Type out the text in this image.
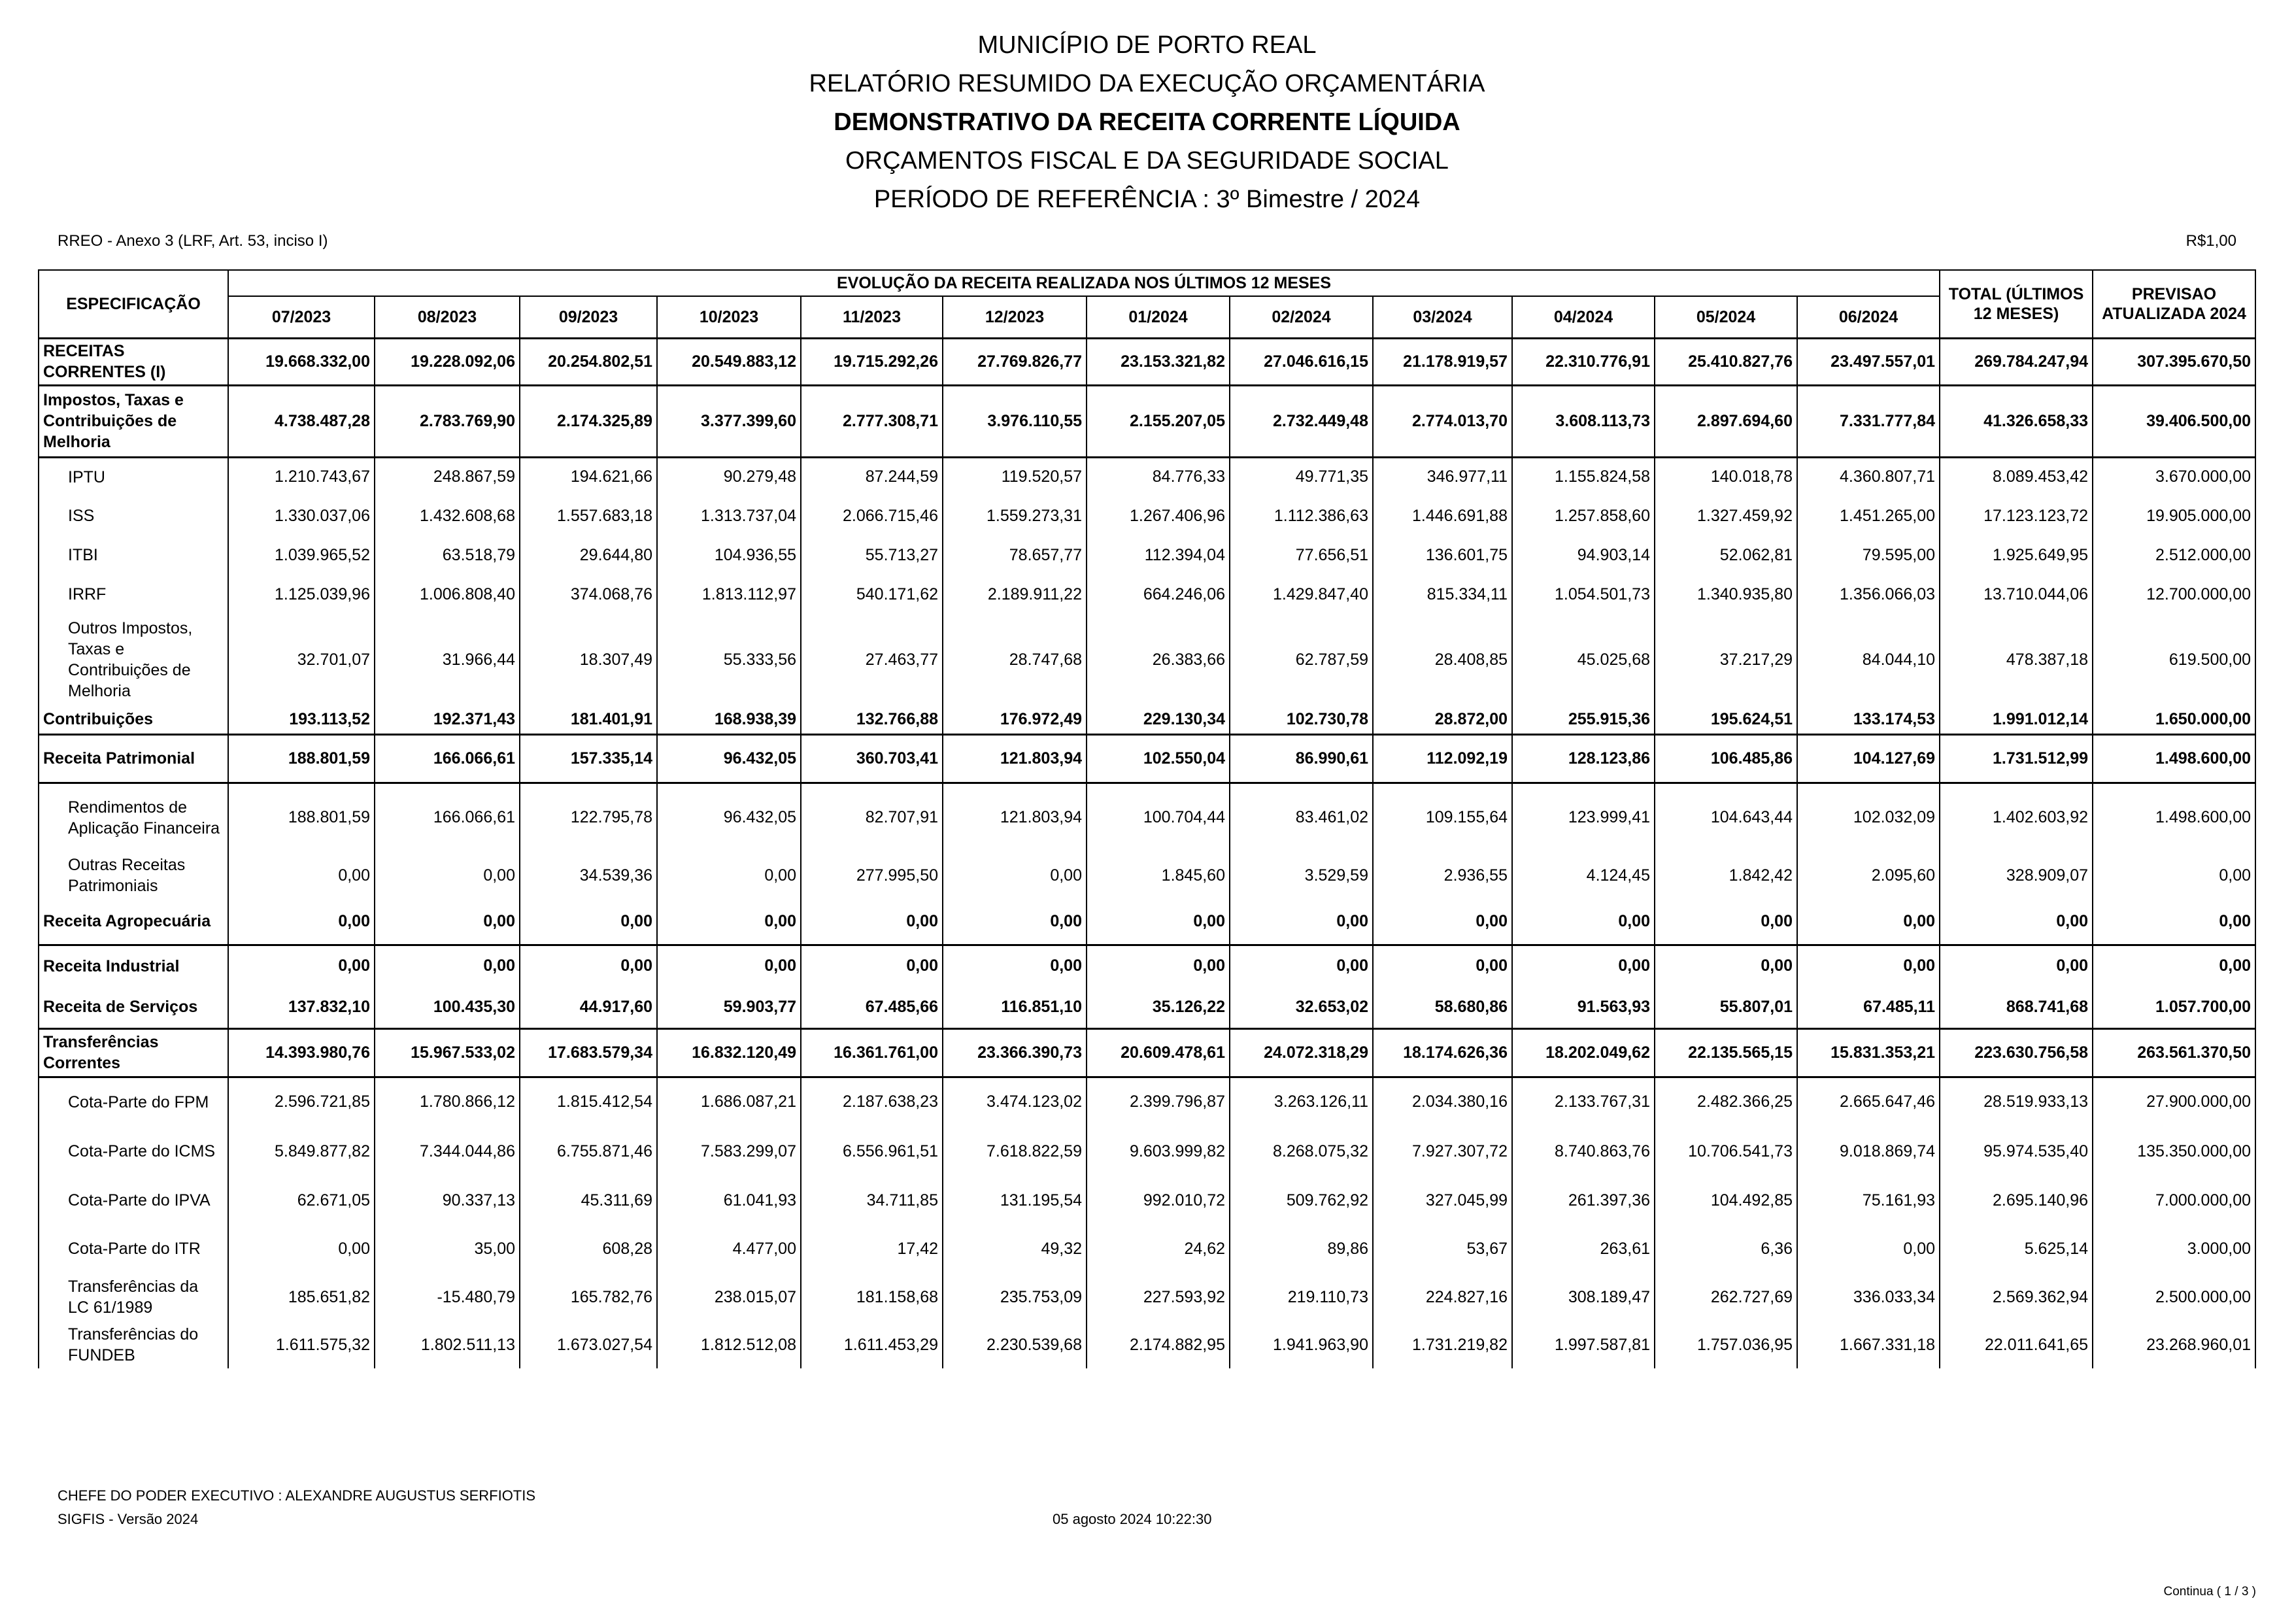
MUNICÍPIO DE PORTO REAL
RELATÓRIO RESUMIDO DA EXECUÇÃO ORÇAMENTÁRIA
DEMONSTRATIVO DA RECEITA CORRENTE LÍQUIDA
ORÇAMENTOS FISCAL E DA SEGURIDADE SOCIAL
PERÍODO DE REFERÊNCIA : 3º Bimestre / 2024
RREO - Anexo 3 (LRF, Art. 53, inciso I)	R$1,00
ESPECIFICAÇÃO	EVOLUÇÃO DA RECEITA REALIZADA NOS ÚLTIMOS 12 MESES												TOTAL (ÚLTIMOS 12 MESES)	PREVISAO ATUALIZADA 2024
	07/2023	08/2023	09/2023	10/2023	11/2023	12/2023	01/2024	02/2024	03/2024	04/2024	05/2024	06/2024		
RECEITAS CORRENTES (I)	19.668.332,00	19.228.092,06	20.254.802,51	20.549.883,12	19.715.292,26	27.769.826,77	23.153.321,82	27.046.616,15	21.178.919,57	22.310.776,91	25.410.827,76	23.497.557,01	269.784.247,94	307.395.670,50
Impostos, Taxas e Contribuições de Melhoria	4.738.487,28	2.783.769,90	2.174.325,89	3.377.399,60	2.777.308,71	3.976.110,55	2.155.207,05	2.732.449,48	2.774.013,70	3.608.113,73	2.897.694,60	7.331.777,84	41.326.658,33	39.406.500,00
IPTU	1.210.743,67	248.867,59	194.621,66	90.279,48	87.244,59	119.520,57	84.776,33	49.771,35	346.977,11	1.155.824,58	140.018,78	4.360.807,71	8.089.453,42	3.670.000,00
ISS	1.330.037,06	1.432.608,68	1.557.683,18	1.313.737,04	2.066.715,46	1.559.273,31	1.267.406,96	1.112.386,63	1.446.691,88	1.257.858,60	1.327.459,92	1.451.265,00	17.123.123,72	19.905.000,00
ITBI	1.039.965,52	63.518,79	29.644,80	104.936,55	55.713,27	78.657,77	112.394,04	77.656,51	136.601,75	94.903,14	52.062,81	79.595,00	1.925.649,95	2.512.000,00
IRRF	1.125.039,96	1.006.808,40	374.068,76	1.813.112,97	540.171,62	2.189.911,22	664.246,06	1.429.847,40	815.334,11	1.054.501,73	1.340.935,80	1.356.066,03	13.710.044,06	12.700.000,00
Outros Impostos, Taxas e Contribuições de Melhoria	32.701,07	31.966,44	18.307,49	55.333,56	27.463,77	28.747,68	26.383,66	62.787,59	28.408,85	45.025,68	37.217,29	84.044,10	478.387,18	619.500,00
Contribuições	193.113,52	192.371,43	181.401,91	168.938,39	132.766,88	176.972,49	229.130,34	102.730,78	28.872,00	255.915,36	195.624,51	133.174,53	1.991.012,14	1.650.000,00
Receita Patrimonial	188.801,59	166.066,61	157.335,14	96.432,05	360.703,41	121.803,94	102.550,04	86.990,61	112.092,19	128.123,86	106.485,86	104.127,69	1.731.512,99	1.498.600,00
Rendimentos de Aplicação Financeira	188.801,59	166.066,61	122.795,78	96.432,05	82.707,91	121.803,94	100.704,44	83.461,02	109.155,64	123.999,41	104.643,44	102.032,09	1.402.603,92	1.498.600,00
Outras Receitas Patrimoniais	0,00	0,00	34.539,36	0,00	277.995,50	0,00	1.845,60	3.529,59	2.936,55	4.124,45	1.842,42	2.095,60	328.909,07	0,00
Receita Agropecuária	0,00	0,00	0,00	0,00	0,00	0,00	0,00	0,00	0,00	0,00	0,00	0,00	0,00	0,00
Receita Industrial	0,00	0,00	0,00	0,00	0,00	0,00	0,00	0,00	0,00	0,00	0,00	0,00	0,00	0,00
Receita de Serviços	137.832,10	100.435,30	44.917,60	59.903,77	67.485,66	116.851,10	35.126,22	32.653,02	58.680,86	91.563,93	55.807,01	67.485,11	868.741,68	1.057.700,00
Transferências Correntes	14.393.980,76	15.967.533,02	17.683.579,34	16.832.120,49	16.361.761,00	23.366.390,73	20.609.478,61	24.072.318,29	18.174.626,36	18.202.049,62	22.135.565,15	15.831.353,21	223.630.756,58	263.561.370,50
Cota-Parte do FPM	2.596.721,85	1.780.866,12	1.815.412,54	1.686.087,21	2.187.638,23	3.474.123,02	2.399.796,87	3.263.126,11	2.034.380,16	2.133.767,31	2.482.366,25	2.665.647,46	28.519.933,13	27.900.000,00
Cota-Parte do ICMS	5.849.877,82	7.344.044,86	6.755.871,46	7.583.299,07	6.556.961,51	7.618.822,59	9.603.999,82	8.268.075,32	7.927.307,72	8.740.863,76	10.706.541,73	9.018.869,74	95.974.535,40	135.350.000,00
Cota-Parte do IPVA	62.671,05	90.337,13	45.311,69	61.041,93	34.711,85	131.195,54	992.010,72	509.762,92	327.045,99	261.397,36	104.492,85	75.161,93	2.695.140,96	7.000.000,00
Cota-Parte do ITR	0,00	35,00	608,28	4.477,00	17,42	49,32	24,62	89,86	53,67	263,61	6,36	0,00	5.625,14	3.000,00
Transferências da LC 61/1989	185.651,82	-15.480,79	165.782,76	238.015,07	181.158,68	235.753,09	227.593,92	219.110,73	224.827,16	308.189,47	262.727,69	336.033,34	2.569.362,94	2.500.000,00
Transferências do FUNDEB	1.611.575,32	1.802.511,13	1.673.027,54	1.812.512,08	1.611.453,29	2.230.539,68	2.174.882,95	1.941.963,90	1.731.219,82	1.997.587,81	1.757.036,95	1.667.331,18	22.011.641,65	23.268.960,01
CHEFE DO PODER EXECUTIVO : ALEXANDRE AUGUSTUS SERFIOTIS
SIGFIS - Versão 2024	05 agosto 2024 10:22:30
Continua ( 1 / 3 )
